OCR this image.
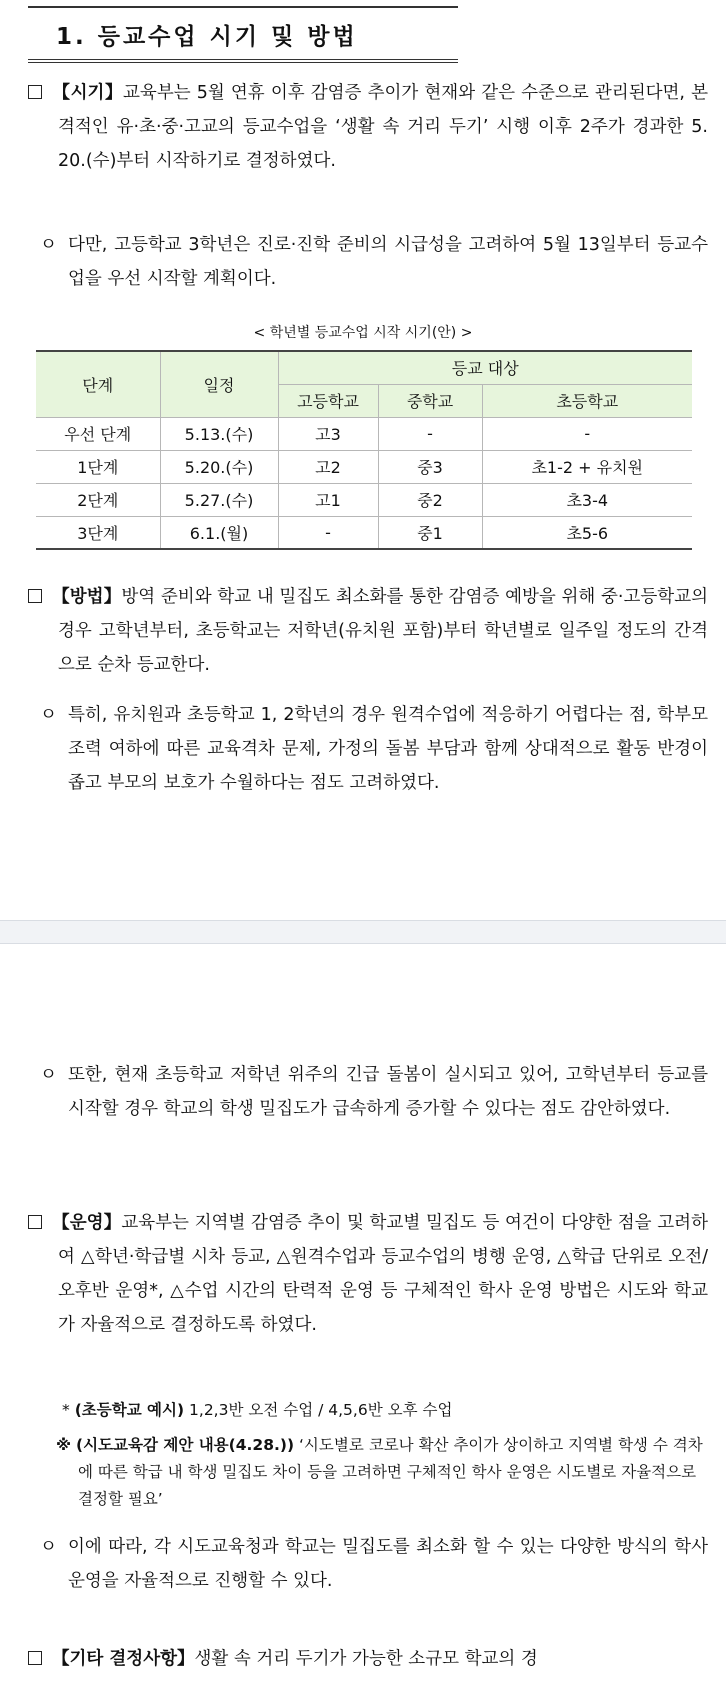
1. 등교수업 시기 및 방법
【시기】교육부는 5월 연휴 이후 감염증 추이가 현재와 같은 수준으로 관리된다면, 본격적인 유·초·중·고교의 등교수업을 ‘생활 속 거리 두기’ 시행 이후 2주가 경과한 5. 20.(수)부터 시작하기로 결정하였다.
ㅇ 다만, 고등학교 3학년은 진로·진학 준비의 시급성을 고려하여 5월 13일부터 등교수업을 우선 시작할 계획이다.
< 학년별 등교수업 시작 시기(안) >
단계	일정	등교 대상		
		고등학교	중학교	초등학교
우선 단계	5.13.(수)	고3	-	-
1단계	5.20.(수)	고2	중3	초1-2 + 유치원
2단계	5.27.(수)	고1	중2	초3-4
3단계	6.1.(월)	-	중1	초5-6
【방법】방역 준비와 학교 내 밀집도 최소화를 통한 감염증 예방을 위해 중·고등학교의 경우 고학년부터, 초등학교는 저학년(유치원 포함)부터 학년별로 일주일 정도의 간격으로 순차 등교한다.
ㅇ 특히, 유치원과 초등학교 1, 2학년의 경우 원격수업에 적응하기 어렵다는 점, 학부모 조력 여하에 따른 교육격차 문제, 가정의 돌봄 부담과 함께 상대적으로 활동 반경이 좁고 부모의 보호가 수월하다는 점도 고려하였다.
ㅇ 또한, 현재 초등학교 저학년 위주의 긴급 돌봄이 실시되고 있어, 고학년부터 등교를 시작할 경우 학교의 학생 밀집도가 급속하게 증가할 수 있다는 점도 감안하였다.
【운영】교육부는 지역별 감염증 추이 및 학교별 밀집도 등 여건이 다양한 점을 고려하여 △학년·학급별 시차 등교, △원격수업과 등교수업의 병행 운영, △학급 단위로 오전/오후반 운영*, △수업 시간의 탄력적 운영 등 구체적인 학사 운영 방법은 시도와 학교가 자율적으로 결정하도록 하였다.
* (초등학교 예시) 1,2,3반 오전 수업 / 4,5,6반 오후 수업
※ (시도교육감 제안 내용(4.28.)) ‘시도별로 코로나 확산 추이가 상이하고 지역별 학생 수 격차에 따른 학급 내 학생 밀집도 차이 등을 고려하면 구체적인 학사 운영은 시도별로 자율적으로 결정할 필요’
ㅇ 이에 따라, 각 시도교육청과 학교는 밀집도를 최소화 할 수 있는 다양한 방식의 학사 운영을 자율적으로 진행할 수 있다.
【기타 결정사항】생활 속 거리 두기가 가능한 소규모 학교의 경
